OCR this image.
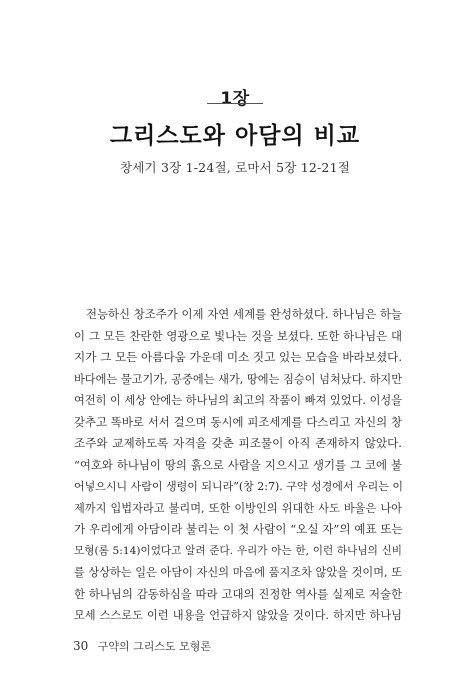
1장
그리스도와 아담의 비교
창세기 3장 1-24절, 로마서 5장 12-21절
전능하신 창조주가 이제 자연 세계를 완성하셨다. 하나님은 하늘
이 그 모든 찬란한 영광으로 빛나는 것을 보셨다. 또한 하나님은 대
지가 그 모든 아름다움 가운데 미소 짓고 있는 모습을 바라보셨다.
바다에는 물고기가, 공중에는 새가, 땅에는 짐승이 넘쳐났다. 하지만
여전히 이 세상 안에는 하나님의 최고의 작품이 빠져 있었다. 이성을
갖추고 똑바로 서서 걸으며 동시에 피조세계를 다스리고 자신의 창
조주와 교제하도록 자격을 갖춘 피조물이 아직 존재하지 않았다.
“여호와 하나님이 땅의 흙으로 사람을 지으시고 생기를 그 코에 불
어넣으시니 사람이 생령이 되니라”(창 2:7). 구약 성경에서 우리는 이
제까지 입법자라고 불리며, 또한 이방인의 위대한 사도 바울은 나아
가 우리에게 아담이라 불리는 이 첫 사람이 “오실 자”의 예표 또는
모형(롬 5:14)이었다고 알려 준다. 우리가 아는 한, 이런 하나님의 신비
를 상상하는 일은 아담이 자신의 마음에 품지조차 않았을 것이며, 또
한 하나님의 감동하심을 따라 고대의 진정한 역사를 실제로 저술한
모세 스스로도 이런 내용을 언급하지 않았을 것이다. 하지만 하나님
30 구약의 그리스도 모형론
